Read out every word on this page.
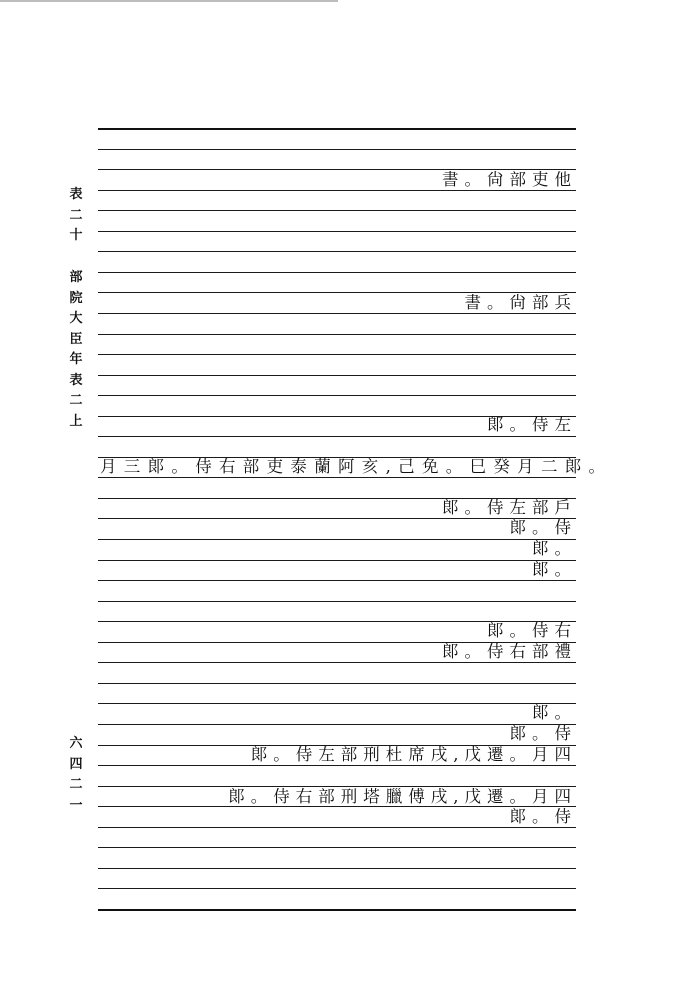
表
二
十
部
院
大
臣
年
表
二
上
六
四
二
一
書。尙部吏他
書。尙部兵
郞。侍左
月三郞。侍右部吏泰蘭阿亥,己免。巳癸月二郞。
郞。侍左部戶
郞。侍
郞。
郞。
郞。侍右
郞。侍右部禮
郞。
郞。侍
郞。侍左部刑杜席戌,戊遷。月四
郞。侍右部刑塔臘傅戌,戊遷。月四
郞。侍
